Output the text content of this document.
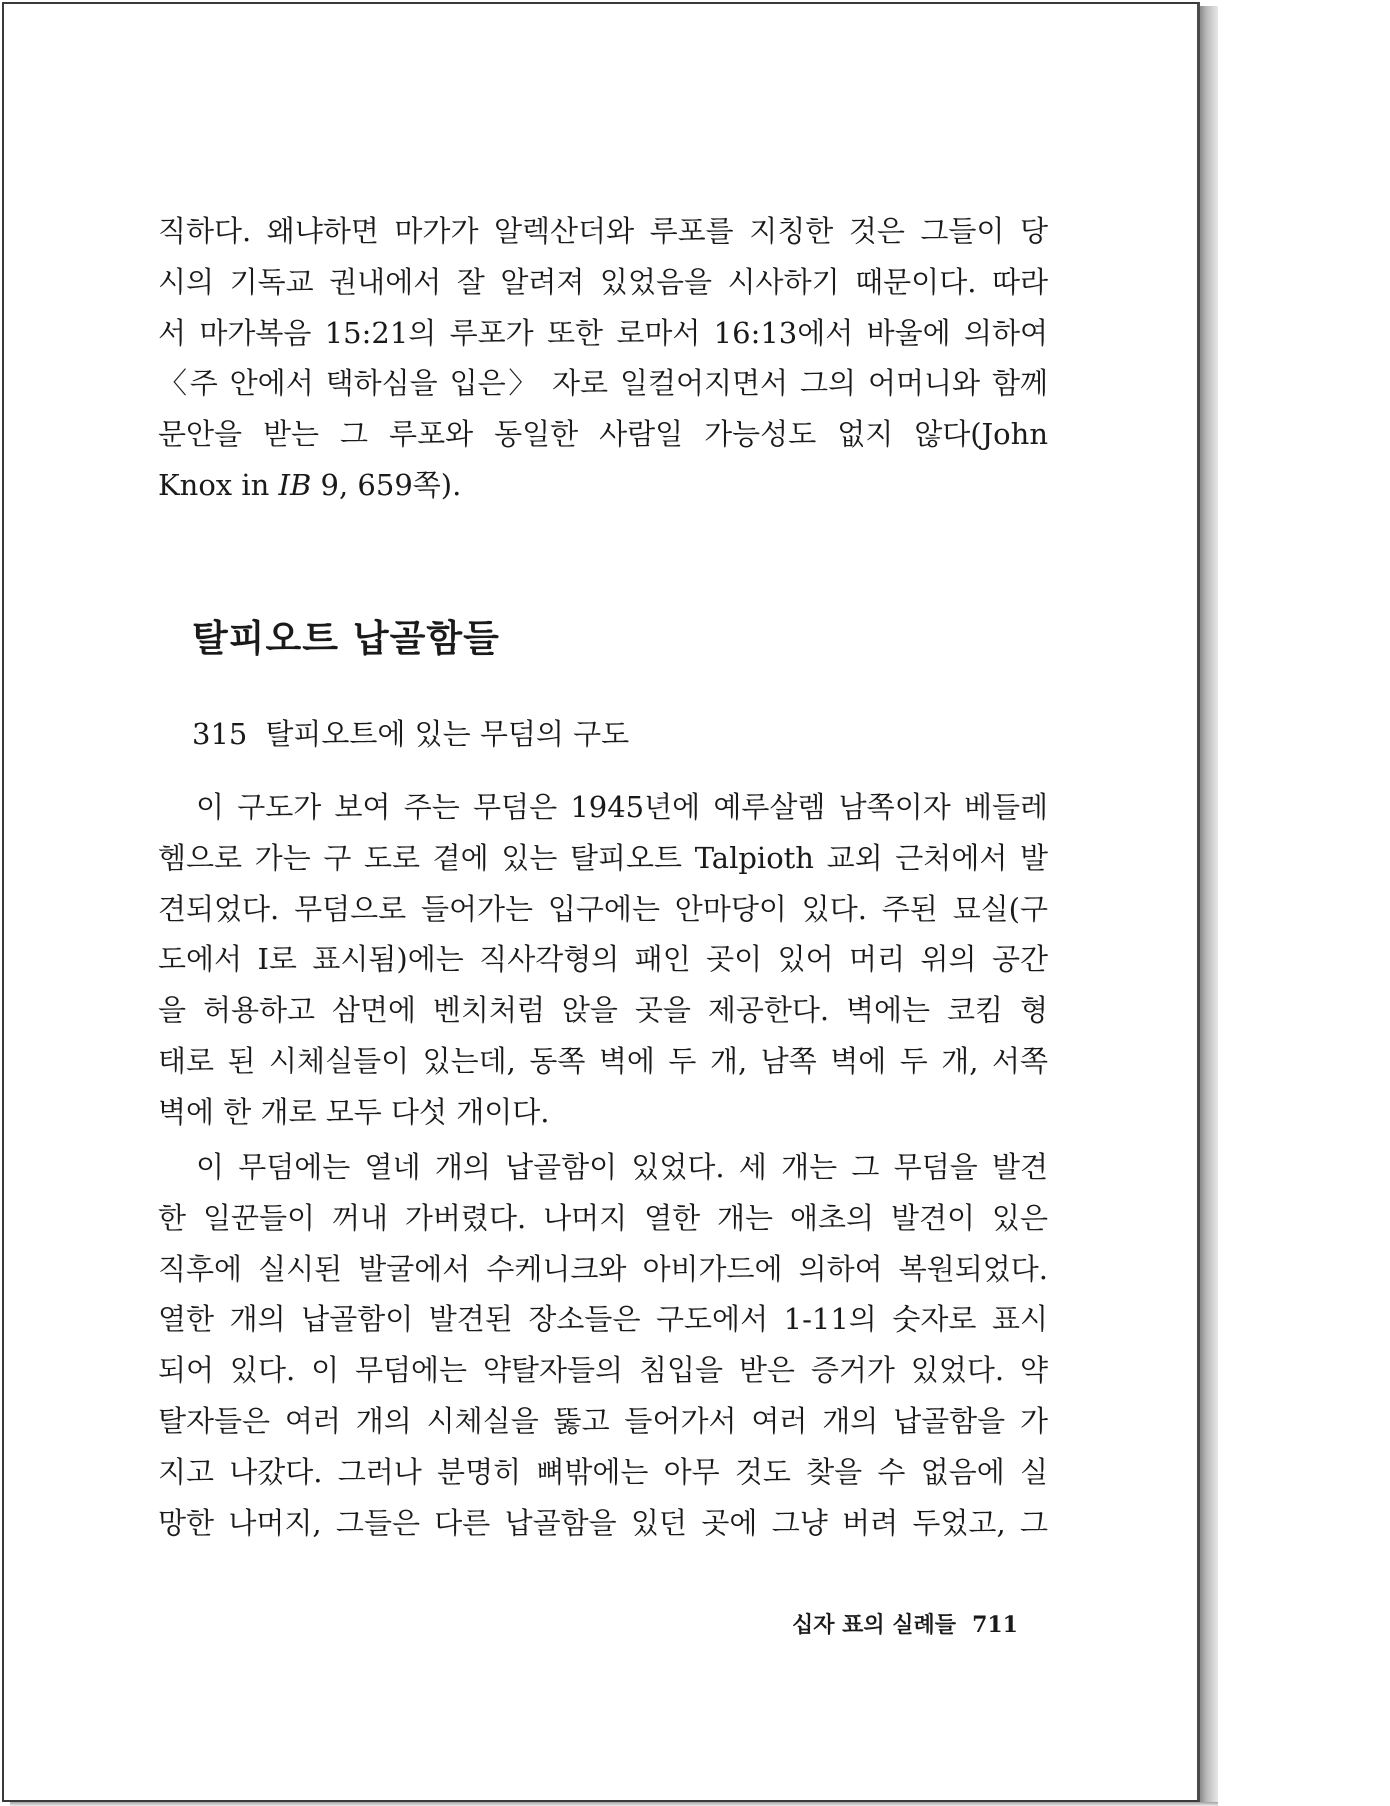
직하다. 왜냐하면 마가가 알렉산더와 루포를 지칭한 것은 그들이 당
시의 기독교 권내에서 잘 알려져 있었음을 시사하기 때문이다. 따라
서 마가복음 15:21의 루포가 또한 로마서 16:13에서 바울에 의하여
〈주 안에서 택하심을 입은〉 자로 일컬어지면서 그의 어머니와 함께
문안을 받는 그 루포와 동일한 사람일 가능성도 없지 않다(John
Knox in IB 9, 659쪽).
탈피오트 납골함들

315 탈피오트에 있는 무덤의 구도

이 구도가 보여 주는 무덤은 1945년에 예루살렘 남쪽이자 베들레
헴으로 가는 구 도로 곁에 있는 탈피오트 Talpioth 교외 근처에서 발
견되었다. 무덤으로 들어가는 입구에는 안마당이 있다. 주된 묘실(구
도에서 I로 표시됨)에는 직사각형의 패인 곳이 있어 머리 위의 공간
을 허용하고 삼면에 벤치처럼 앉을 곳을 제공한다. 벽에는 코킴 형
태로 된 시체실들이 있는데, 동쪽 벽에 두 개, 남쪽 벽에 두 개, 서쪽
벽에 한 개로 모두 다섯 개이다.
이 무덤에는 열네 개의 납골함이 있었다. 세 개는 그 무덤을 발견
한 일꾼들이 꺼내 가버렸다. 나머지 열한 개는 애초의 발견이 있은
직후에 실시된 발굴에서 수케니크와 아비가드에 의하여 복원되었다.
열한 개의 납골함이 발견된 장소들은 구도에서 1-11의 숫자로 표시
되어 있다. 이 무덤에는 약탈자들의 침입을 받은 증거가 있었다. 약
탈자들은 여러 개의 시체실을 뚫고 들어가서 여러 개의 납골함을 가
지고 나갔다. 그러나 분명히 뼈밖에는 아무 것도 찾을 수 없음에 실
망한 나머지, 그들은 다른 납골함을 있던 곳에 그냥 버려 두었고, 그

십자 표의 실례들 711
